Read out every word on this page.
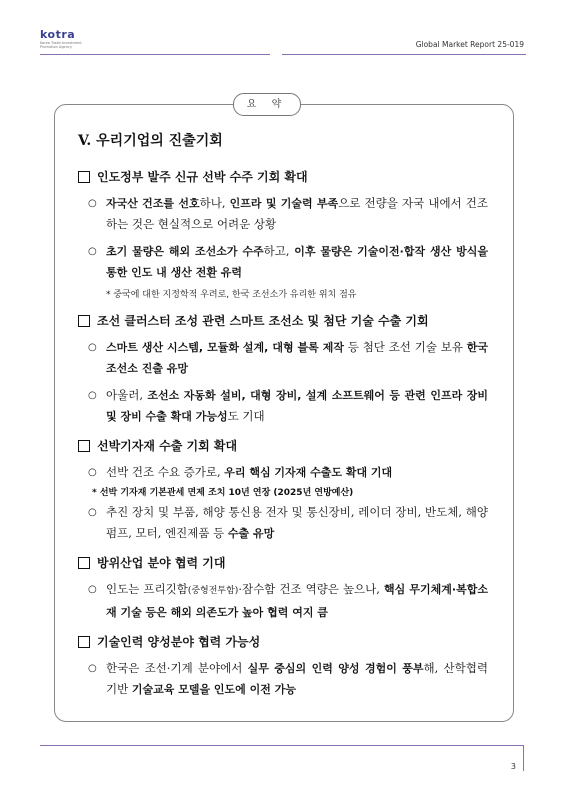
kotra
Korea Trade-Investment
Promotion Agency	Global Market Report 25-019
요 약
V. 우리기업의 진출기회
인도정부 발주 신규 선박 수주 기회 확대
○ 자국산 건조를 선호하나, 인프라 및 기술력 부족으로 전량을 자국 내에서 건조하는 것은 현실적으로 어려운 상황
○ 초기 물량은 해외 조선소가 수주하고, 이후 물량은 기술이전·합작 생산 방식을 통한 인도 내 생산 전환 유력
* 중국에 대한 지정학적 우려로, 한국 조선소가 유리한 위치 점유
조선 클러스터 조성 관련 스마트 조선소 및 첨단 기술 수출 기회
○ 스마트 생산 시스템, 모듈화 설계, 대형 블록 제작 등 첨단 조선 기술 보유 한국 조선소 진출 유망
○ 아울러, 조선소 자동화 설비, 대형 장비, 설계 소프트웨어 등 관련 인프라 장비 및 장비 수출 확대 가능성도 기대
선박기자재 수출 기회 확대
○ 선박 건조 수요 증가로, 우리 핵심 기자재 수출도 확대 기대
* 선박 기자재 기본관세 면제 조치 10년 연장 (2025년 연방예산)
○ 추진 장치 및 부품, 해양 통신용 전자 및 통신장비, 레이더 장비, 반도체, 해양 펌프, 모터, 엔진제품 등 수출 유망
방위산업 분야 협력 기대
○ 인도는 프리깃함(중형전투함)·잠수함 건조 역량은 높으나, 핵심 무기체계·복합소재 기술 등은 해외 의존도가 높아 협력 여지 큼
기술인력 양성분야 협력 가능성
○ 한국은 조선·기계 분야에서 실무 중심의 인력 양성 경험이 풍부해, 산학협력 기반 기술교육 모델을 인도에 이전 가능
3
